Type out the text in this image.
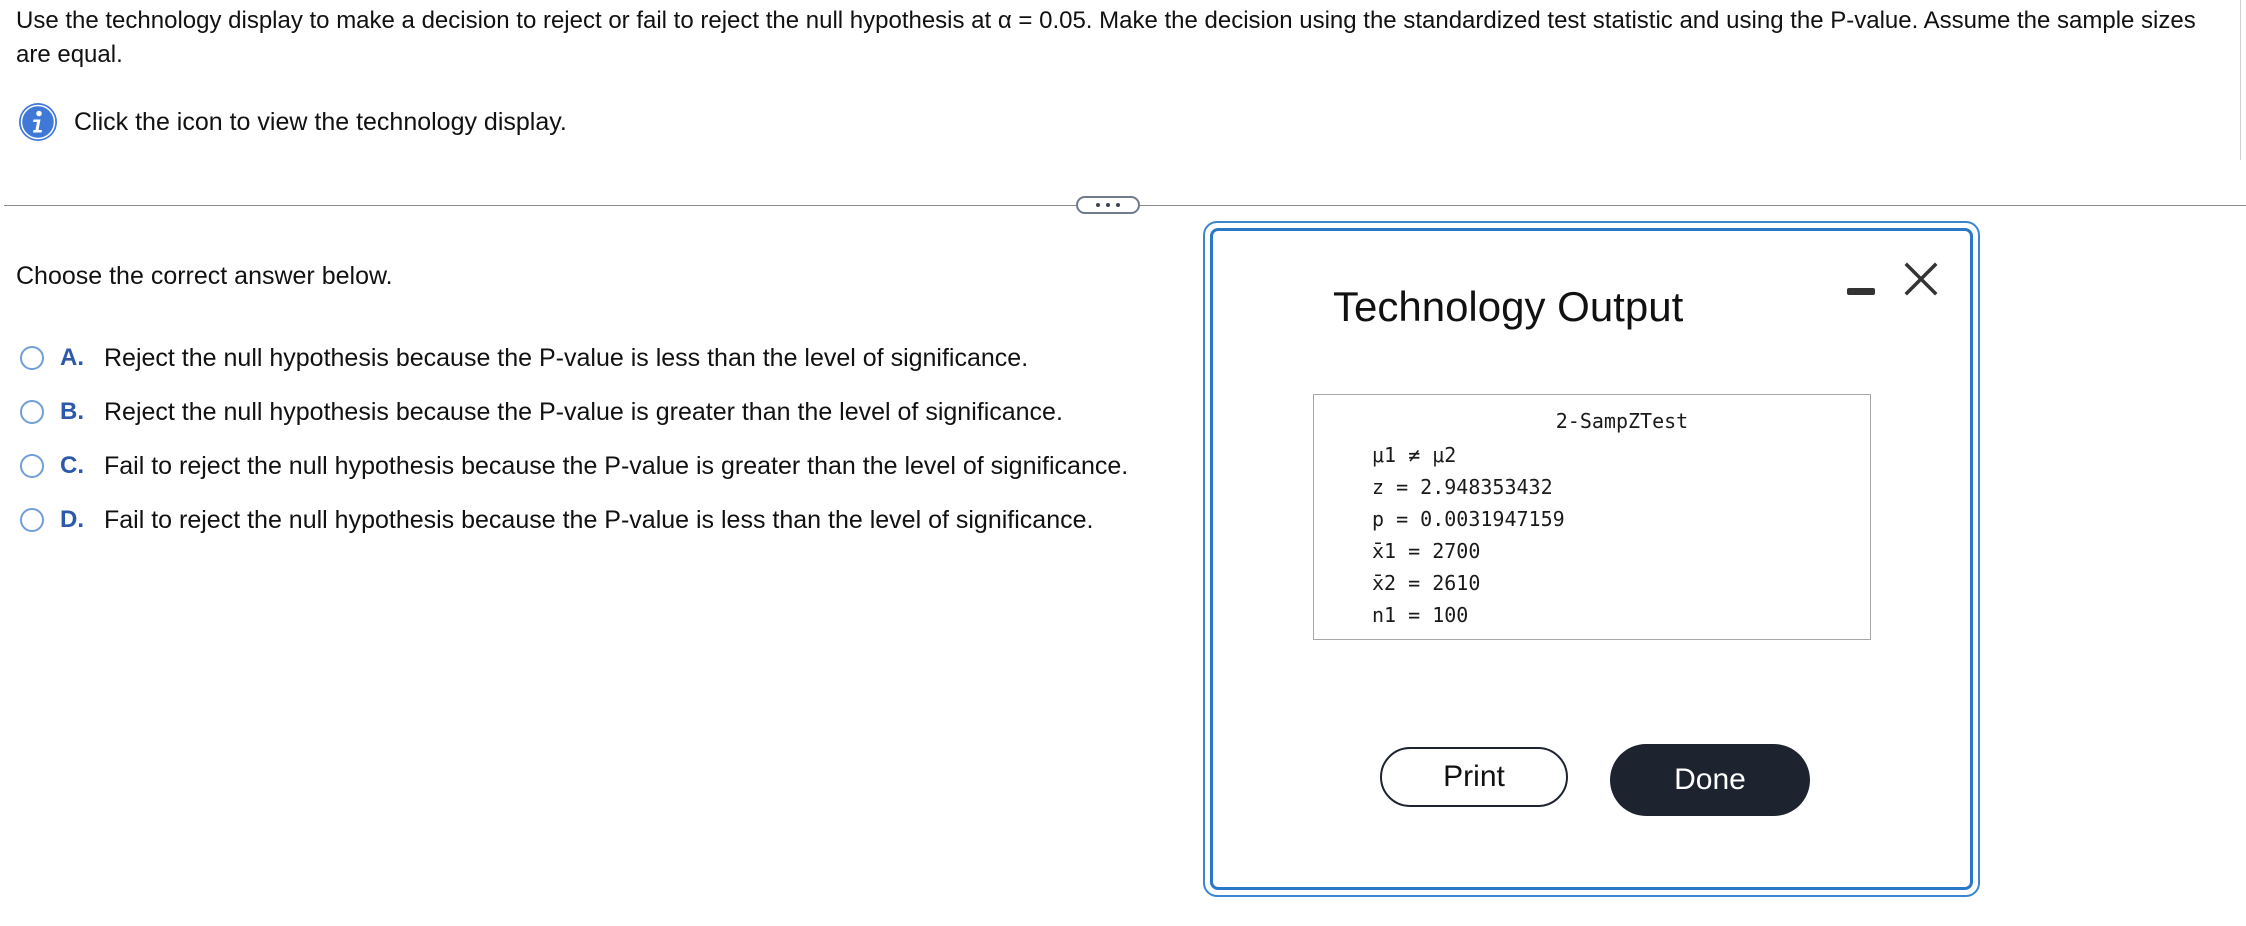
Use the technology display to make a decision to reject or fail to reject the null hypothesis at α = 0.05. Make the decision using the standardized test statistic and using the P-value. Assume the sample sizes are equal.
Click the icon to view the technology display.
Choose the correct answer below.
A. Reject the null hypothesis because the P-value is less than the level of significance.
B. Reject the null hypothesis because the P-value is greater than the level of significance.
C. Fail to reject the null hypothesis because the P-value is greater than the level of significance.
D. Fail to reject the null hypothesis because the P-value is less than the level of significance.
Technology Output
2-SampZTest
μ1 ≠ μ2
z = 2.948353432
p = 0.0031947159
x̄1 = 2700
x̄2 = 2610
n1 = 100
Print	Done
